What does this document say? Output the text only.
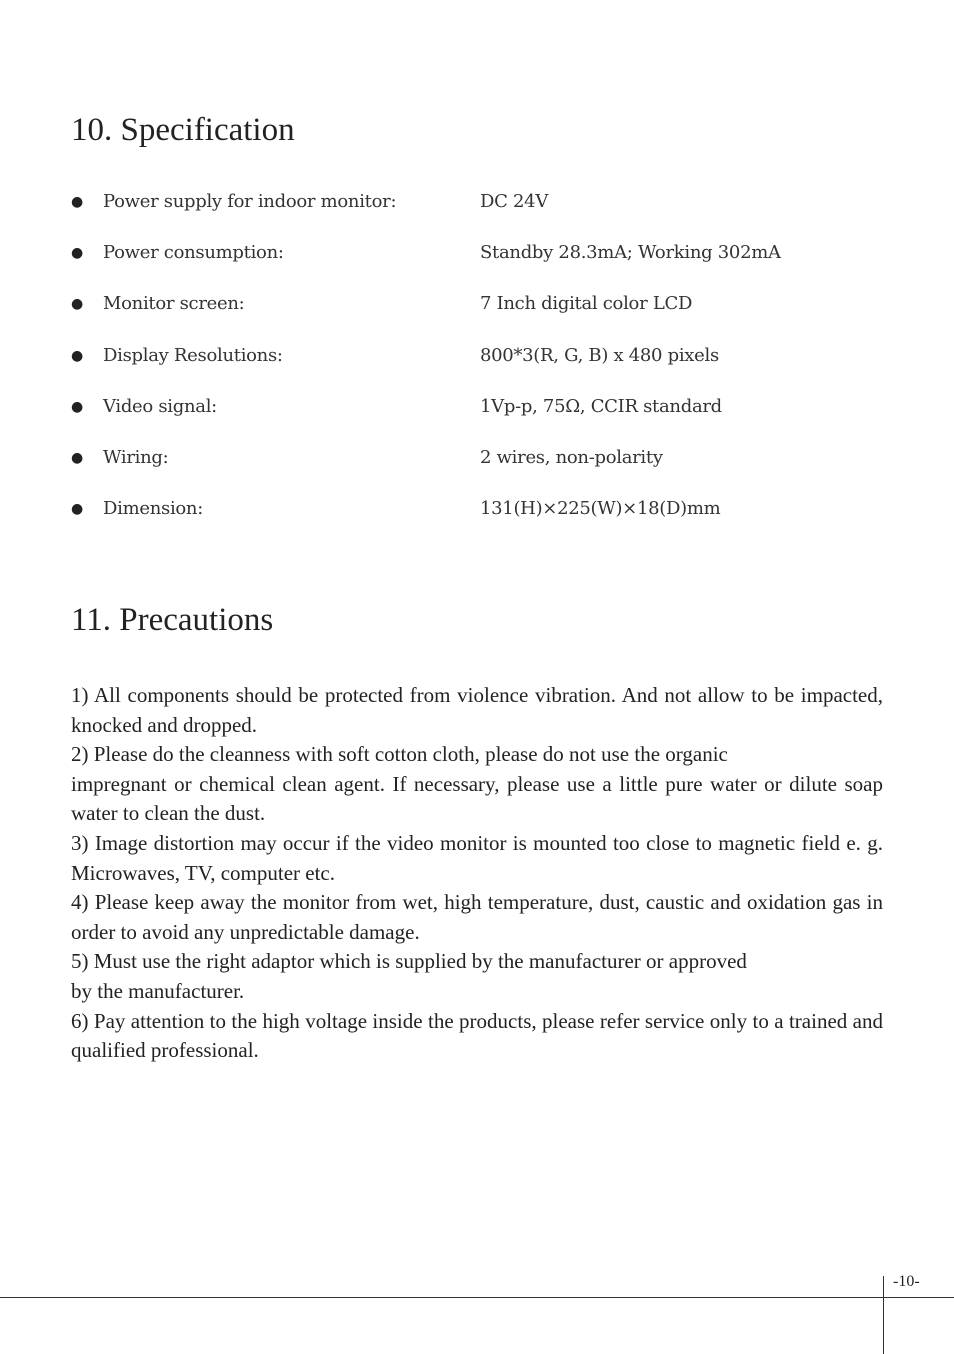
10. Specification
● Power supply for indoor monitor:	DC 24V
● Power consumption:	Standby 28.3mA; Working 302mA
● Monitor screen:	7 Inch digital color LCD
● Display Resolutions:	800*3(R, G, B) x 480 pixels
● Video signal:	1Vp-p, 75Ω, CCIR standard
● Wiring:	2 wires, non-polarity
● Dimension:	131(H)×225(W)×18(D)mm
11. Precautions

1) All components should be protected from violence vibration. And not allow to be impacted, knocked and dropped.

2) Please do the cleanness with soft cotton cloth, please do not use the organic

impregnant or chemical clean agent. If necessary, please use a little pure water or dilute soap water to clean the dust.

3) Image distortion may occur if the video monitor is mounted too close to magnetic field e. g. Microwaves, TV, computer etc.

4) Please keep away the monitor from wet, high temperature, dust, caustic and oxidation gas in order to avoid any unpredictable damage.

5) Must use the right adaptor which is supplied by the manufacturer or approved

by the manufacturer.

6) Pay attention to the high voltage inside the products, please refer service only to a trained and qualified professional.

-10-
